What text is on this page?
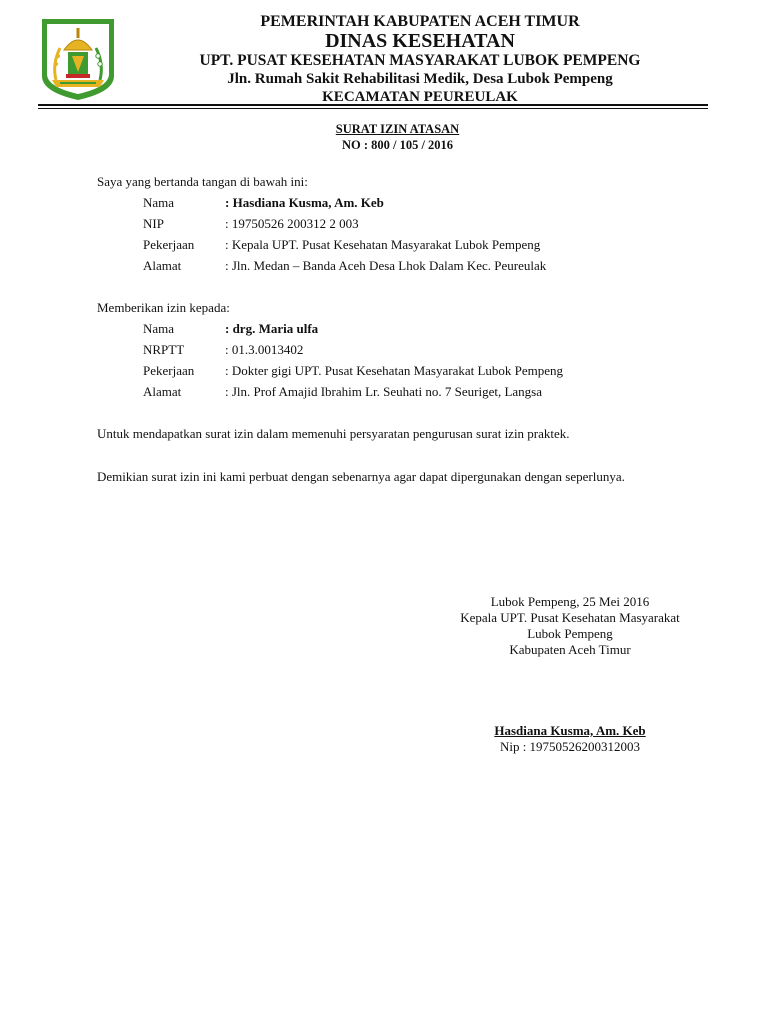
PEMERINTAH KABUPATEN ACEH TIMUR
DINAS KESEHATAN
UPT. PUSAT KESEHATAN MASYARAKAT LUBOK PEMPENG
Jln. Rumah Sakit Rehabilitasi Medik, Desa Lubok Pempeng
KECAMATAN PEUREULAK
SURAT IZIN ATASAN
NO : 800 / 105 / 2016
Saya yang bertanda tangan di bawah ini:
Nama	: Hasdiana Kusma, Am. Keb
NIP	: 19750526 200312 2 003
Pekerjaan : Kepala UPT. Pusat Kesehatan Masyarakat Lubok Pempeng
Alamat	: Jln. Medan – Banda Aceh Desa Lhok Dalam Kec. Peureulak
Memberikan izin kepada:
Nama	: drg. Maria ulfa
NRPTT	: 01.3.0013402
Pekerjaan : Dokter gigi UPT. Pusat Kesehatan Masyarakat Lubok Pempeng
Alamat	: Jln. Prof Amajid Ibrahim Lr. Seuhati no. 7 Seuriget, Langsa
Untuk mendapatkan surat izin dalam memenuhi persyaratan pengurusan surat izin praktek.
Demikian surat izin ini kami perbuat dengan sebenarnya agar dapat dipergunakan dengan seperlunya.
Lubok Pempeng, 25 Mei 2016
Kepala UPT. Pusat Kesehatan Masyarakat
Lubok Pempeng
Kabupaten Aceh Timur
Hasdiana Kusma, Am. Keb
Nip : 19750526200312003
